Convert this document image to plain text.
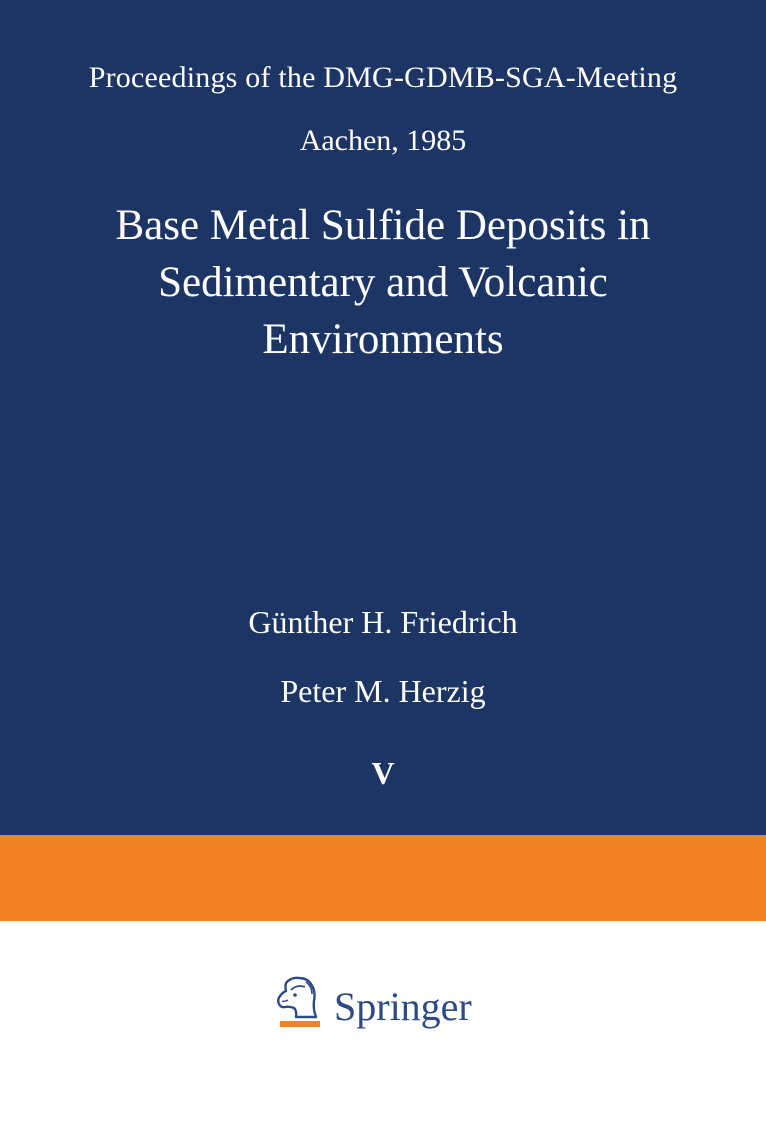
Proceedings of the DMG-GDMB-SGA-Meeting
Aachen, 1985
Base Metal Sulfide Deposits in
Sedimentary and Volcanic
Environments
Günther H. Friedrich
Peter M. Herzig
V
Springer
